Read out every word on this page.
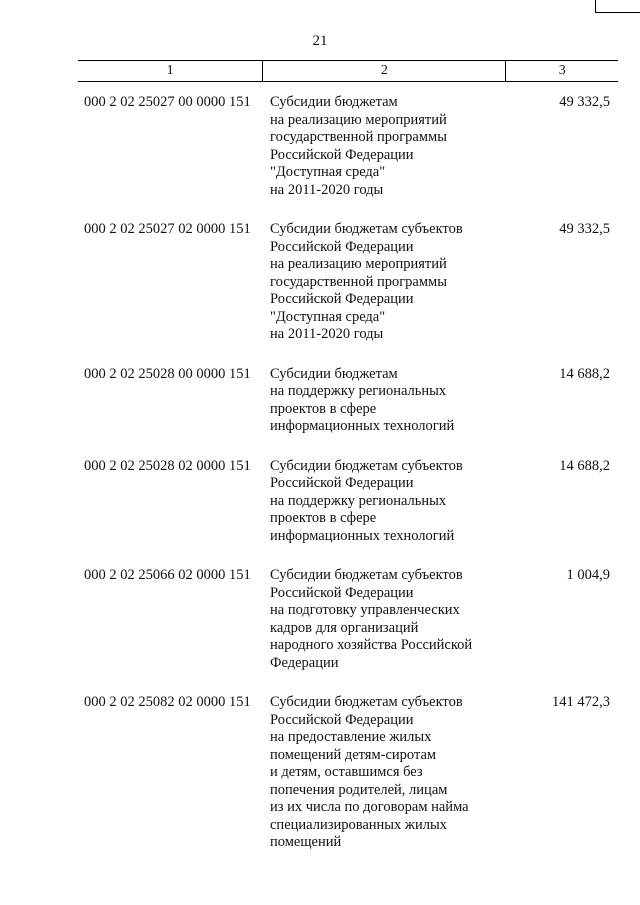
21
1	2	3
000 2 02 25027 00 0000 151 Субсидии бюджетам
на реализацию мероприятий
государственной программы
Российской Федерации
"Доступная среда"
на 2011-2020 годы
49 332,5
000 2 02 25027 02 0000 151 Субсидии бюджетам субъектов
Российской Федерации
на реализацию мероприятий
государственной программы
Российской Федерации
"Доступная среда"
на 2011-2020 годы
49 332,5
000 2 02 25028 00 0000 151 Субсидии бюджетам
на поддержку региональных
проектов в сфере
информационных технологий
14 688,2
000 2 02 25028 02 0000 151 Субсидии бюджетам субъектов
Российской Федерации
на поддержку региональных
проектов в сфере
информационных технологий
14 688,2
000 2 02 25066 02 0000 151 Субсидии бюджетам субъектов
Российской Федерации
на подготовку управленческих
кадров для организаций
народного хозяйства Российской
Федерации
1 004,9
000 2 02 25082 02 0000 151 Субсидии бюджетам субъектов
Российской Федерации
на предоставление жилых
помещений детям-сиротам
и детям, оставшимся без
попечения родителей, лицам
из их числа по договорам найма
специализированных жилых
помещений
141 472,3
